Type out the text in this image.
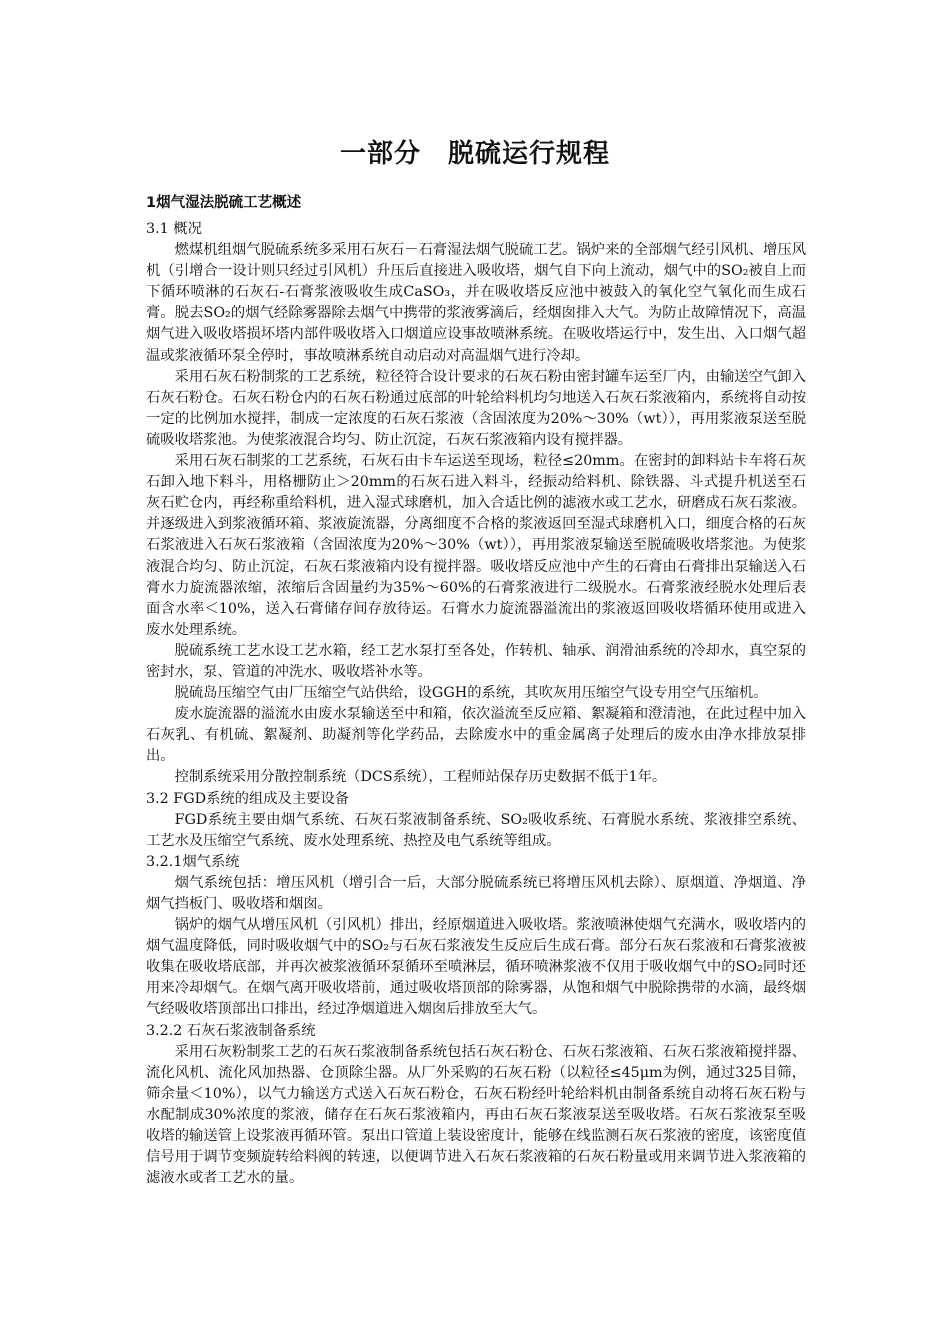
一部分　脱硫运行规程
1烟气湿法脱硫工艺概述

3.1 概况

燃煤机组烟气脱硫系统多采用石灰石－石膏湿法烟气脱硫工艺。锅炉来的全部烟气经引风机、增压风机（引增合一设计则只经过引风机）升压后直接进入吸收塔，烟气自下向上流动，烟气中的SO₂被自上而下循环喷淋的石灰石-石膏浆液吸收生成CaSO₃，并在吸收塔反应池中被鼓入的氧化空气氧化而生成石膏。脱去SO₂的烟气经除雾器除去烟气中携带的浆液雾滴后，经烟囱排入大气。为防止故障情况下，高温烟气进入吸收塔损坏塔内部件吸收塔入口烟道应设事故喷淋系统。在吸收塔运行中，发生出、入口烟气超温或浆液循环泵全停时，事故喷淋系统自动启动对高温烟气进行冷却。

采用石灰石粉制浆的工艺系统，粒径符合设计要求的石灰石粉由密封罐车运至厂内，由输送空气卸入石灰石粉仓。石灰石粉仓内的石灰石粉通过底部的叶轮给料机均匀地送入石灰石浆液箱内，系统将自动按一定的比例加水搅拌，制成一定浓度的石灰石浆液（含固浓度为20%～30%（wt）），再用浆液泵送至脱硫吸收塔浆池。为使浆液混合均匀、防止沉淀，石灰石浆液箱内设有搅拌器。

采用石灰石制浆的工艺系统，石灰石由卡车运送至现场，粒径≤20mm。在密封的卸料站卡车将石灰石卸入地下料斗，用格栅防止＞20mm的石灰石进入料斗，经振动给料机、除铁器、斗式提升机送至石灰石贮仓内，再经称重给料机，进入湿式球磨机，加入合适比例的滤液水或工艺水，研磨成石灰石浆液。并逐级进入到浆液循环箱、浆液旋流器，分离细度不合格的浆液返回至湿式球磨机入口，细度合格的石灰石浆液进入石灰石浆液箱（含固浓度为20%～30%（wt）），再用浆液泵输送至脱硫吸收塔浆池。为使浆液混合均匀、防止沉淀，石灰石浆液箱内设有搅拌器。吸收塔反应池中产生的石膏由石膏排出泵输送入石膏水力旋流器浓缩，浓缩后含固量约为35%～60%的石膏浆液进行二级脱水。石膏浆液经脱水处理后表面含水率＜10%，送入石膏储存间存放待运。石膏水力旋流器溢流出的浆液返回吸收塔循环使用或进入废水处理系统。

脱硫系统工艺水设工艺水箱，经工艺水泵打至各处，作转机、轴承、润滑油系统的冷却水，真空泵的密封水，泵、管道的冲洗水、吸收塔补水等。

脱硫岛压缩空气由厂压缩空气站供给，设GGH的系统，其吹灰用压缩空气设专用空气压缩机。

废水旋流器的溢流水由废水泵输送至中和箱，依次溢流至反应箱、絮凝箱和澄清池，在此过程中加入石灰乳、有机硫、絮凝剂、助凝剂等化学药品，去除废水中的重金属离子处理后的废水由净水排放泵排出。

控制系统采用分散控制系统（DCS系统），工程师站保存历史数据不低于1年。

3.2 FGD系统的组成及主要设备

FGD系统主要由烟气系统、石灰石浆液制备系统、SO₂吸收系统、石膏脱水系统、浆液排空系统、工艺水及压缩空气系统、废水处理系统、热控及电气系统等组成。

3.2.1烟气系统

烟气系统包括：增压风机（增引合一后，大部分脱硫系统已将增压风机去除）、原烟道、净烟道、净烟气挡板门、吸收塔和烟囱。

锅炉的烟气从增压风机（引风机）排出，经原烟道进入吸收塔。浆液喷淋使烟气充满水，吸收塔内的烟气温度降低，同时吸收烟气中的SO₂与石灰石浆液发生反应后生成石膏。部分石灰石浆液和石膏浆液被收集在吸收塔底部，并再次被浆液循环泵循环至喷淋层，循环喷淋浆液不仅用于吸收烟气中的SO₂同时还用来冷却烟气。在烟气离开吸收塔前，通过吸收塔顶部的除雾器，从饱和烟气中脱除携带的水滴，最终烟气经吸收塔顶部出口排出，经过净烟道进入烟囱后排放至大气。

3.2.2 石灰石浆液制备系统

采用石灰粉制浆工艺的石灰石浆液制备系统包括石灰石粉仓、石灰石浆液箱、石灰石浆液箱搅拌器、流化风机、流化风加热器、仓顶除尘器。从厂外采购的石灰石粉（以粒径≤45μm为例，通过325目筛，筛余量＜10%），以气力输送方式送入石灰石粉仓，石灰石粉经叶轮给料机由制备系统自动将石灰石粉与水配制成30%浓度的浆液，储存在石灰石浆液箱内，再由石灰石浆液泵送至吸收塔。石灰石浆液泵至吸收塔的输送管上设浆液再循环管。泵出口管道上装设密度计，能够在线监测石灰石浆液的密度，该密度值信号用于调节变频旋转给料阀的转速，以便调节进入石灰石浆液箱的石灰石粉量或用来调节进入浆液箱的滤液水或者工艺水的量。
